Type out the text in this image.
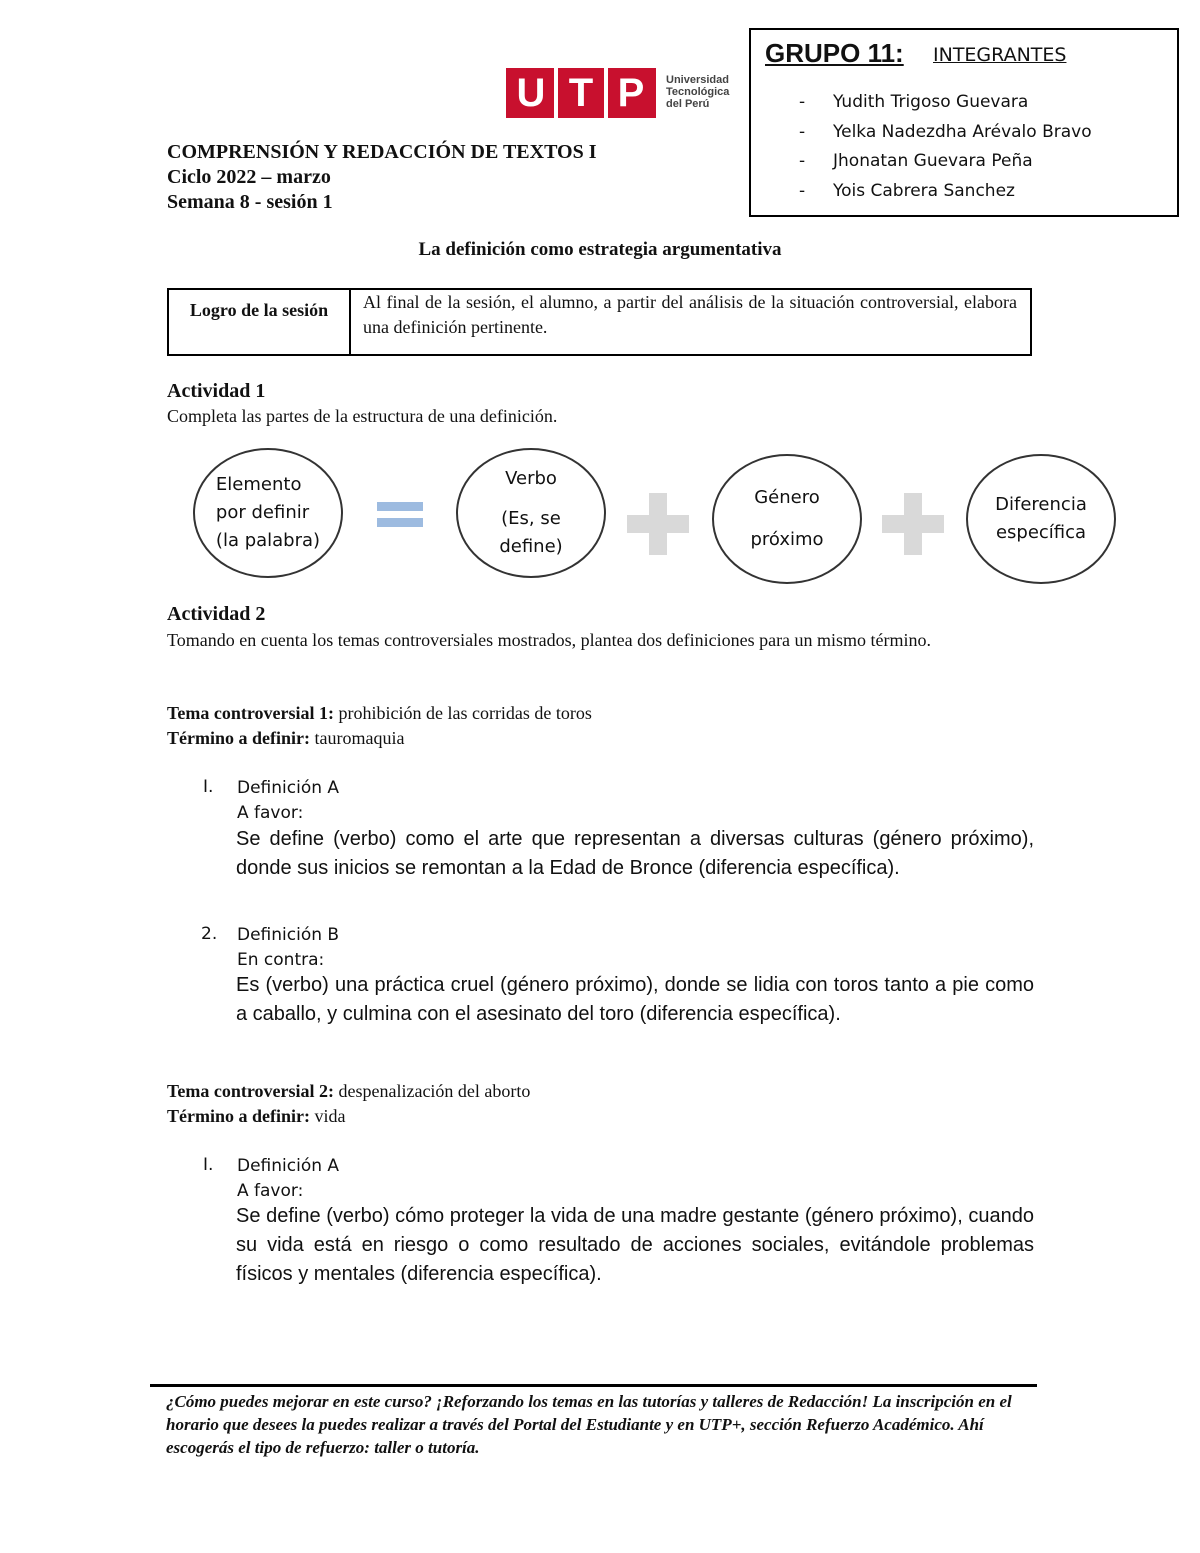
U T P	Universidad
Tecnológica
del Perú
COMPRENSIÓN Y REDACCIÓN DE TEXTOS I
Ciclo 2022 – marzo
Semana 8 - sesión 1
GRUPO 11: INTEGRANTES
- Yudith Trigoso Guevara
- Yelka Nadezdha Arévalo Bravo
- Jhonatan Guevara Peña
- Yois Cabrera Sanchez
La definición como estrategia argumentativa
Logro de la sesión	Al final de la sesión, el alumno, a partir del análisis de la situación controversial, elabora una definición pertinente.
Actividad 1
Completa las partes de la estructura de una definición.
Elemento
por definir
(la palabra)
Verbo
(Es, se
define)
Género
próximo
Diferencia
específica
Actividad 2
Tomando en cuenta los temas controversiales mostrados, plantea dos definiciones para un mismo término.
Tema controversial 1: prohibición de las corridas de toros
Término a definir: tauromaquia
I. Definición A
A favor:
Se define (verbo) como el arte que representan a diversas culturas (género próximo), donde sus inicios se remontan a la Edad de Bronce (diferencia específica).
2. Definición B
En contra:
Es (verbo) una práctica cruel (género próximo), donde se lidia con toros tanto a pie como a caballo, y culmina con el asesinato del toro (diferencia específica).
Tema controversial 2: despenalización del aborto
Término a definir: vida
I. Definición A
A favor:
Se define (verbo) cómo proteger la vida de una madre gestante (género próximo), cuando su vida está en riesgo o como resultado de acciones sociales, evitándole problemas físicos y mentales (diferencia específica).
¿Cómo puedes mejorar en este curso? ¡Reforzando los temas en las tutorías y talleres de Redacción! La inscripción en el horario que desees la puedes realizar a través del Portal del Estudiante y en UTP+, sección Refuerzo Académico. Ahí escogerás el tipo de refuerzo: taller o tutoría.
